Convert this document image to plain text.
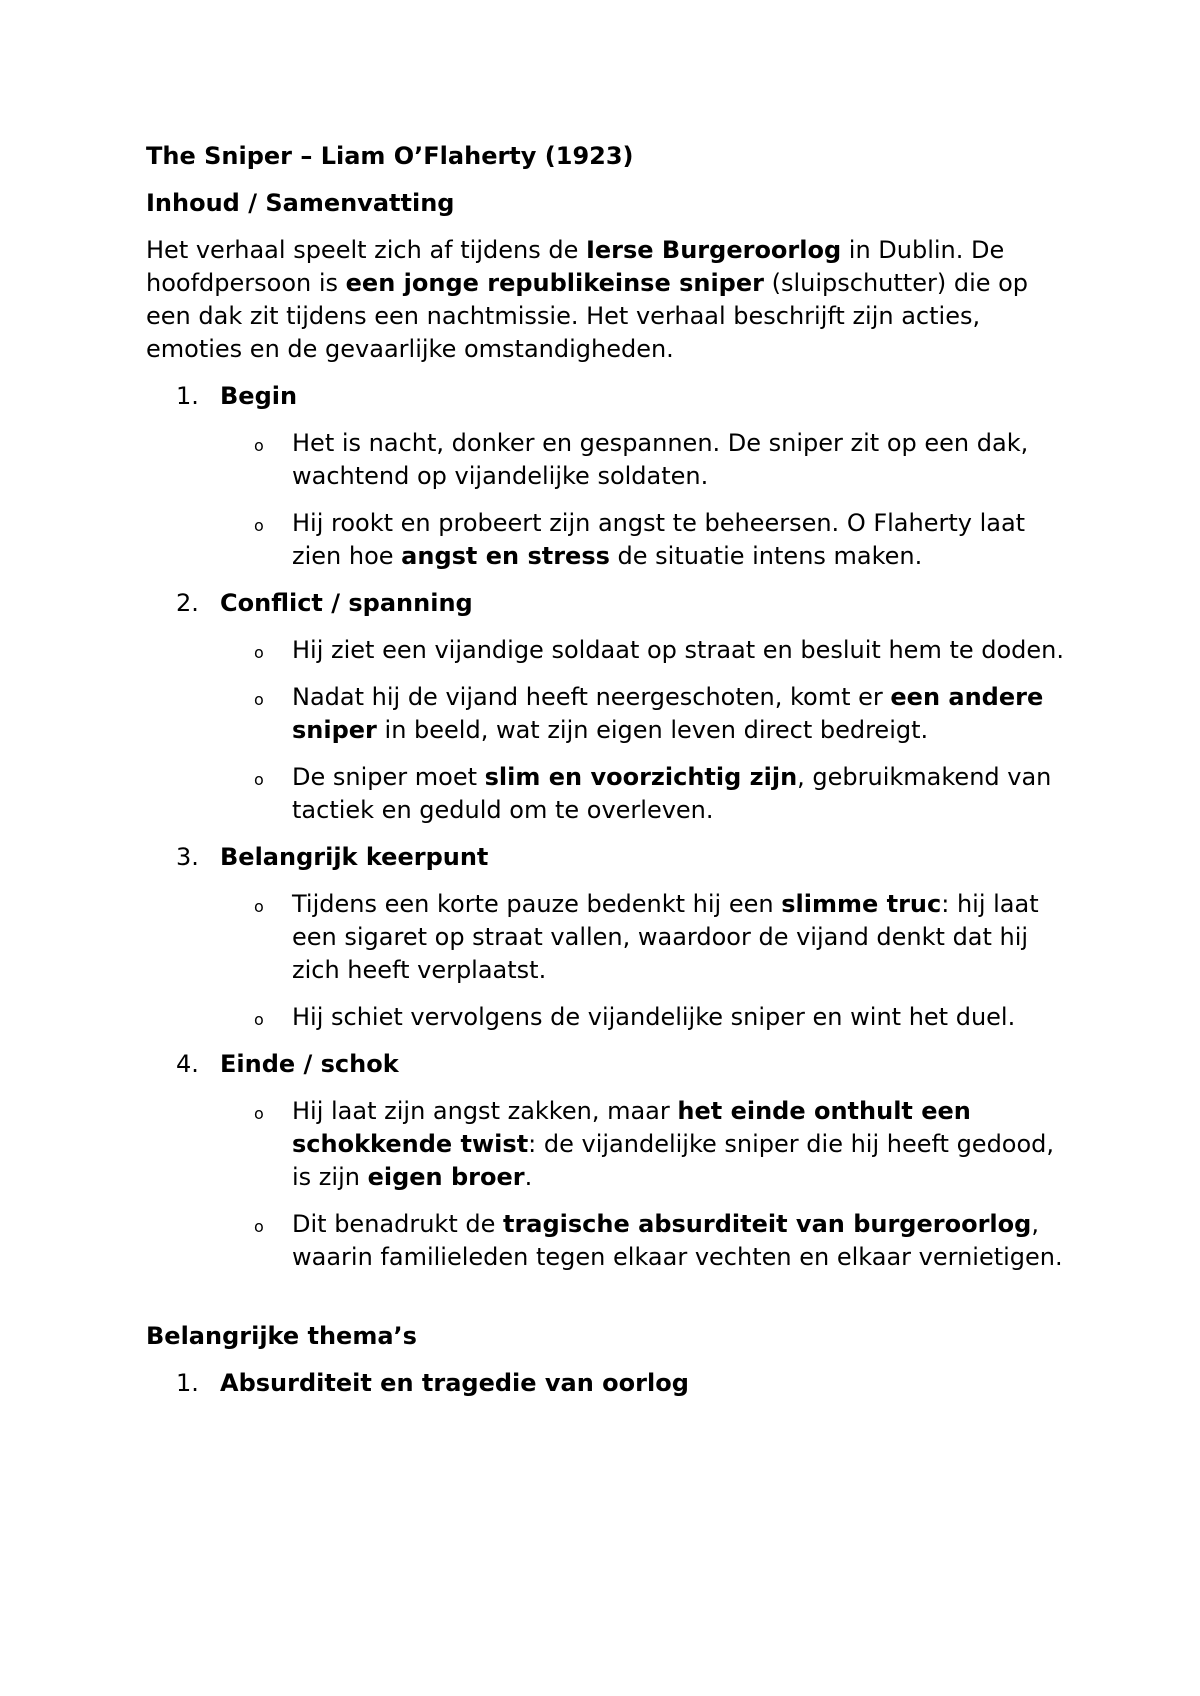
The Sniper – Liam O’Flaherty (1923)
Inhoud / Samenvatting
Het verhaal speelt zich af tijdens de Ierse Burgeroorlog in Dublin. De hoofdpersoon is een jonge republikeinse sniper (sluipschutter) die op een dak zit tijdens een nachtmissie. Het verhaal beschrijft zijn acties, emoties en de gevaarlijke omstandigheden.
1. Begin
o Het is nacht, donker en gespannen. De sniper zit op een dak, wachtend op vijandelijke soldaten.
o Hij rookt en probeert zijn angst te beheersen. O Flaherty laat zien hoe angst en stress de situatie intens maken.
2. Conflict / spanning
o Hij ziet een vijandige soldaat op straat en besluit hem te doden.
o Nadat hij de vijand heeft neergeschoten, komt er een andere sniper in beeld, wat zijn eigen leven direct bedreigt.
o De sniper moet slim en voorzichtig zijn, gebruikmakend van tactiek en geduld om te overleven.
3. Belangrijk keerpunt
o Tijdens een korte pauze bedenkt hij een slimme truc: hij laat een sigaret op straat vallen, waardoor de vijand denkt dat hij zich heeft verplaatst.
o Hij schiet vervolgens de vijandelijke sniper en wint het duel.
4. Einde / schok
o Hij laat zijn angst zakken, maar het einde onthult een schokkende twist: de vijandelijke sniper die hij heeft gedood, is zijn eigen broer.
o Dit benadrukt de tragische absurditeit van burgeroorlog, waarin familieleden tegen elkaar vechten en elkaar vernietigen.
Belangrijke thema’s
1. Absurditeit en tragedie van oorlog
